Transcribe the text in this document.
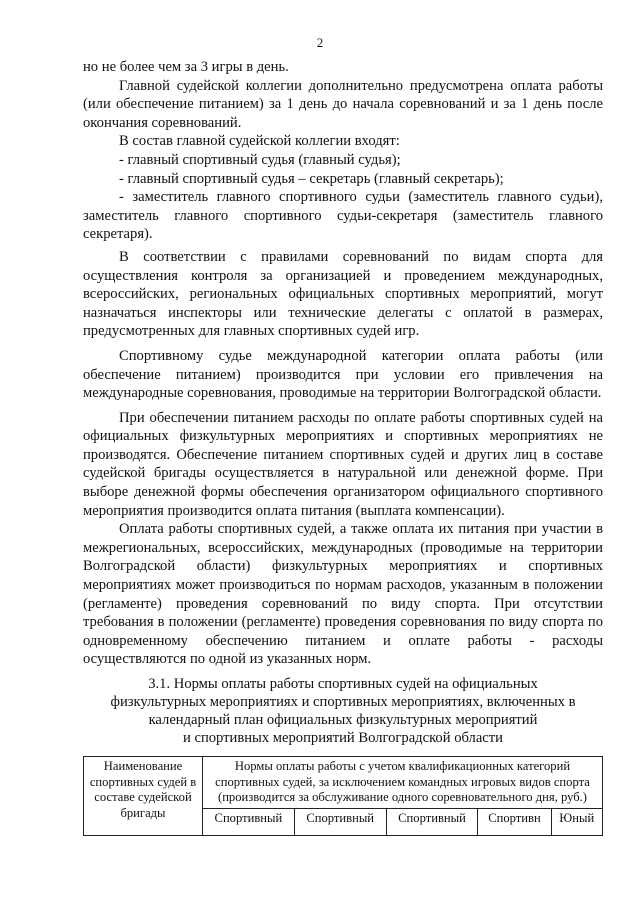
2

но не более чем за 3 игры в день.

Главной судейской коллегии дополнительно предусмотрена оплата работы (или обеспечение питанием) за 1 день до начала соревнований и за 1 день после окончания соревнований.

В состав главной судейской коллегии входят:

- главный спортивный судья (главный судья);

- главный спортивный судья – секретарь (главный секретарь);

- заместитель главного спортивного судьи (заместитель главного судьи), заместитель главного спортивного судьи-секретаря (заместитель главного секретаря).

В соответствии с правилами соревнований по видам спорта для осуществления контроля за организацией и проведением международных, всероссийских, региональных официальных спортивных мероприятий, могут назначаться инспекторы или технические делегаты с оплатой в размерах, предусмотренных для главных спортивных судей игр.

Спортивному судье международной категории оплата работы (или обеспечение питанием) производится при условии его привлечения на международные соревнования, проводимые на территории Волгоградской области.

При обеспечении питанием расходы по оплате работы спортивных судей на официальных физкультурных мероприятиях и спортивных мероприятиях не производятся. Обеспечение питанием спортивных судей и других лиц в составе судейской бригады осуществляется в натуральной или денежной форме. При выборе денежной формы обеспечения организатором официального спортивного мероприятия производится оплата питания (выплата компенсации).

Оплата работы спортивных судей, а также оплата их питания при участии в межрегиональных, всероссийских, международных (проводимые на территории Волгоградской области) физкультурных мероприятиях и спортивных мероприятиях может производиться по нормам расходов, указанным в положении (регламенте) проведения соревнований по виду спорта. При отсутствии требования в положении (регламенте) проведения соревнования по виду спорта по одновременному обеспечению питанием и оплате работы - расходы осуществляются по одной из указанных норм.

3.1. Нормы оплаты работы спортивных судей на официальных
физкультурных мероприятиях и спортивных мероприятиях, включенных в
календарный план официальных физкультурных мероприятий
и спортивных мероприятий Волгоградской области

Наименование спортивных судей в составе судейской бригады	Нормы оплаты работы с учетом квалификационных категорий спортивных судей, за исключением командных игровых видов спорта (производится за обслуживание одного соревновательного дня, руб.)				
	Спортивный	Спортивный	Спортивный	Спортивн	Юный
